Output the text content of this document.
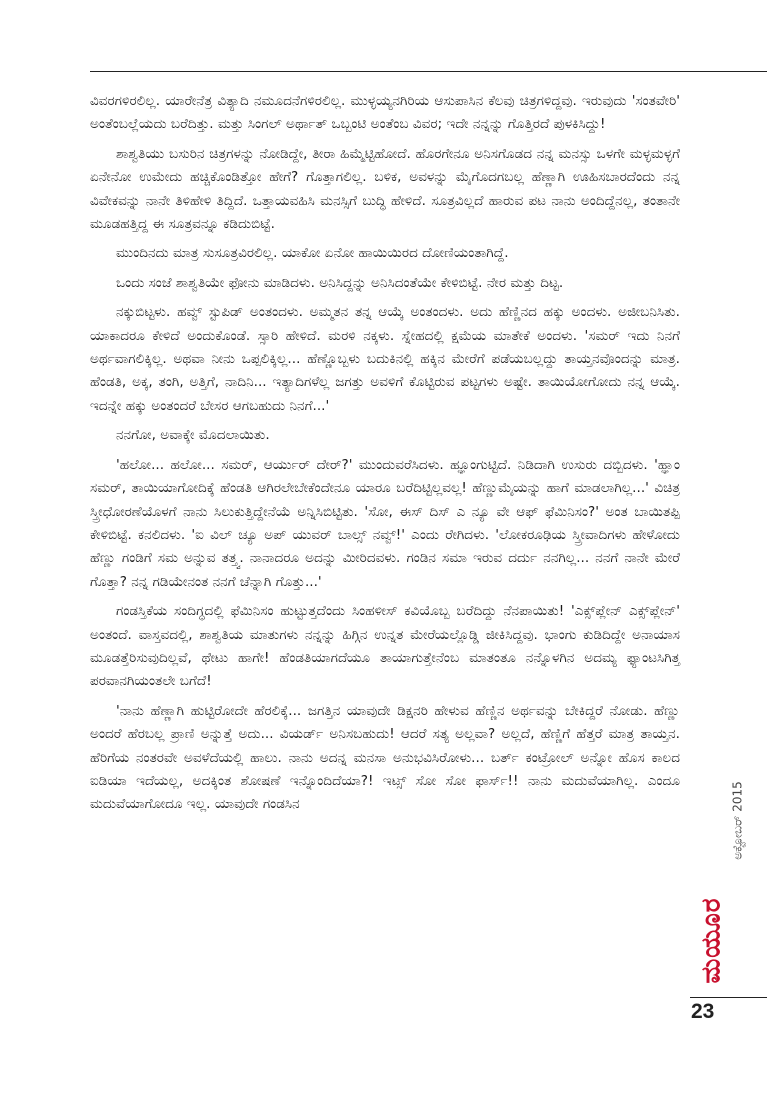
ವಿವರಗಳಿರಲಿಲ್ಲ. ಯಾರೇನೆತ್ರ ವಿತ್ಯಾದಿ ನಮೂದನೆಗಳಿರಲಿಲ್ಲ. ಮುಳ್ಳಯ್ಯನಗಿರಿಯ ಆಸುಪಾಸಿನ ಕೆಲವು ಚಿತ್ರಗಳಿದ್ದವು. ಇರುವುದು 'ಸಂತವೇರಿ' ಅಂತೆಂಬಲ್ಲೆಯದು ಬರೆದಿತ್ತು. ಮತ್ತು ಸಿಂಗಲ್ ಅರ್ಥಾತ್ ಒಬ್ಬಂಟಿ ಅಂತೆಂಬ ವಿವರ; ಇದೇ ನನ್ನನ್ನು ಗೊತ್ತಿರದೆ ಪುಳಕಿಸಿದ್ದು!

ಶಾಶ್ವತಿಯು ಬಸುರಿನ ಚಿತ್ರಗಳನ್ನು ನೋಡಿದ್ದೇ, ತೀರಾ ಹಿಮ್ಮೆಟ್ಟಿಹೋದೆ. ಹೊರಗೇನೂ ಅನಿಸಗೊಡದ ನನ್ನ ಮನಸ್ಸು ಒಳಗೇ ಮಳ್ಳಮಳ್ಳಗೆ ಏನೇನೋ ಉಮೇದು ಹಚ್ಚಿಕೊಂಡಿತ್ತೋ ಹೇಗೆ? ಗೊತ್ತಾಗಲಿಲ್ಲ. ಬಳಿಕ, ಅವಳನ್ನು ಮೈಗೊದಗಬಲ್ಲ ಹೆಣ್ಣಾಗಿ ಊಹಿಸಬಾರದೆಂದು ನನ್ನ ವಿವೇಕವನ್ನು ನಾನೇ ತಿಳಿಹೇಳಿ ತಿದ್ದಿದೆ. ಒತ್ತಾಯವಹಿಸಿ ಮನಸ್ಸಿಗೆ ಬುದ್ಧಿ ಹೇಳಿದೆ. ಸೂತ್ರವಿಲ್ಲದೆ ಹಾರುವ ಪಟ ನಾನು ಅಂದಿದ್ದೆನಲ್ಲ, ತಂತಾನೇ ಮೂಡಹತ್ತಿದ್ದ ಈ ಸೂತ್ರವನ್ನೂ ಕಡಿದುಬಿಟ್ಟೆ.

ಮುಂದಿನದು ಮಾತ್ರ ಸುಸೂತ್ರವಿರಲಿಲ್ಲ. ಯಾಕೋ ಏನೋ ಹಾಯಿಯಿರದ ದೋಣಿಯಂತಾಗಿದ್ದೆ.

ಒಂದು ಸಂಜೆ ಶಾಶ್ವತಿಯೇ ಫೋನು ಮಾಡಿದಳು. ಅನಿಸಿದ್ದನ್ನು ಅನಿಸಿದಂತೆಯೇ ಕೇಳಿಬಿಟ್ಟೆ. ನೇರ ಮತ್ತು ದಿಟ್ಟ.

ನಕ್ಕುಬಿಟ್ಟಳು. ಹವ್ವ್ ಸ್ಟುಪಿಡ್ ಅಂತಂದಳು. ಅಮ್ಮತನ ತನ್ನ ಆಯ್ಕೆ ಅಂತಂದಳು. ಅದು ಹೆಣ್ಣಿನದ ಹಕ್ಕು ಅಂದಳು. ಅಜೀಬನಿಸಿತು. ಯಾಕಾದರೂ ಕೇಳಿದೆ ಅಂದುಕೊಂಡೆ. ಸ್ಸಾರಿ ಹೇಳಿದೆ. ಮರಳಿ ನಕ್ಕಳು. ಸ್ನೇಹದಲ್ಲಿ ಕ್ಷಮೆಯ ಮಾತೇಕೆ ಅಂದಳು. 'ಸಮರ್ ಇದು ನಿನಗೆ ಅರ್ಥವಾಗಲಿಕ್ಕಿಲ್ಲ. ಅಥವಾ ನೀನು ಒಪ್ಪಲಿಕ್ಕಿಲ್ಲ... ಹೆಣ್ಣೊಬ್ಬಳು ಬದುಕಿನಲ್ಲಿ ಹಕ್ಕಿನ ಮೇರೆಗೆ ಪಡೆಯಬಲ್ಲದ್ದು ತಾಯ್ತನವೊಂದನ್ನು ಮಾತ್ರ. ಹೆಂಡತಿ, ಅಕ್ಕ, ತಂಗಿ, ಅತ್ತಿಗೆ, ನಾದಿನಿ... ಇತ್ಯಾದಿಗಳೆಲ್ಲ ಜಗತ್ತು ಅವಳಿಗೆ ಕೊಟ್ಟಿರುವ ಪಟ್ಟಗಳು ಅಷ್ಟೇ. ತಾಯಿಯೋಗೋದು ನನ್ನ ಆಯ್ಕೆ. ಇದನ್ನೇ ಹಕ್ಕು ಅಂತಂದರೆ ಬೇಸರ ಆಗಬಹುದು ನಿನಗೆ...'

ನನಗೋ, ಅವಾಕ್ಕೇ ಮೊದಲಾಯಿತು.

'ಹಲೋ... ಹಲೋ... ಸಮರ್, ಆರ್ಯುರ್ ದೇರ್?' ಮುಂದುವರೆಸಿದಳು. ಹ್ಞೂಂಗುಟ್ಟಿದೆ. ನಿಡಿದಾಗಿ ಉಸುರು ದಬ್ಬಿದಳು. 'ಹ್ಞಾಂ ಸಮರ್, ತಾಯಿಯಾಗೋದಿಕ್ಕೆ ಹೆಂಡತಿ ಆಗಿರಲೇಬೇಕೆಂದೇನೂ ಯಾರೂ ಬರೆದಿಟ್ಟಿಲ್ಲವಲ್ಲ! ಹೆಣ್ಣುಮೈಯನ್ನು ಹಾಗೆ ಮಾಡಲಾಗಿಲ್ಲ...' ವಿಚಿತ್ರ ಸ್ತ್ರೀಧೋರಣೆಯೊಳಗೆ ನಾನು ಸಿಲುಕುತ್ತಿದ್ದೇನೆಯೆ ಅನ್ನಿಸಿಬಿಟ್ಟಿತು. 'ಸೋ, ಈಸ್ ದಿಸ್ ಎ ನ್ಯೂ ವೇ ಆಫ್ ಫೆಮಿನಿಸಂ?' ಅಂತ ಬಾಯಿತಪ್ಪಿ ಕೇಳಿಬಿಟ್ಟೆ. ಕನಲಿದಳು. 'ಐ ವಿಲ್ ಚ್ಯೂ ಅಪ್ ಯುವರ್ ಬಾಲ್ಸ್ ನವ್ವ್!' ಎಂದು ರೇಗಿದಳು. 'ಲೋಕರೂಢಿಯ ಸ್ತ್ರೀವಾದಿಗಳು ಹೇಳೋದು ಹೆಣ್ಣು ಗಂಡಿಗೆ ಸಮ ಅನ್ನುವ ತತ್ತ್ವ. ನಾನಾದರೂ ಅದನ್ನು ಮೀರಿದವಳು. ಗಂಡಿನ ಸಮಾ ಇರುವ ದರ್ದು ನನಗಿಲ್ಲ... ನನಗೆ ನಾನೇ ಮೇರೆ ಗೊತ್ತಾ? ನನ್ನ ಗಡಿಯೇನಂತ ನನಗೆ ಚೆನ್ನಾಗಿ ಗೊತ್ತು...'

ಗಂಡಸ್ತಿಕೆಯ ಸಂದಿಗ್ಧದಲ್ಲಿ ಫೆಮಿನಿಸಂ ಹುಟ್ಟುತ್ತದೆಂದು ಸಿಂಹಳೀಸ್ ಕವಿಯೊಬ್ಬ ಬರೆದಿದ್ದು ನೆನಪಾಯಿತು! 'ಎಕ್ಸ್‌ಪ್ಲೇನ್ ಎಕ್ಸ್‌ಪ್ಲೇನ್' ಅಂತಂದೆ. ವಾಸ್ತವದಲ್ಲಿ, ಶಾಶ್ವತಿಯ ಮಾತುಗಳು ನನ್ನನ್ನು ಹಿಗ್ಗಿನ ಉನ್ನತ ಮೇರೆಯಲ್ಲೊಡ್ಡಿ ಜೀಕಿಸಿದ್ದವು. ಭಾಂಗು ಕುಡಿದಿದ್ದೇ ಅನಾಯಾಸ ಮೂಡತ್ತೆರಿಸುವುದಿಲ್ಲವೆ, ಥೇಟು ಹಾಗೇ! ಹೆಂಡತಿಯಾಗದೆಯೂ ತಾಯಾಗುತ್ತೇನೆಂಬ ಮಾತಂತೂ ನನ್ನೊಳಗಿನ ಅದಮ್ಯ ಫ್ಯಾಂಟಸಿಗಿತ್ತ ಪರವಾನಗಿಯಂತಲೇ ಬಗೆದೆ!

'ನಾನು ಹೆಣ್ಣಾಗಿ ಹುಟ್ಟಿರೋದೇ ಹೆರಲಿಕ್ಕೆ... ಜಗತ್ತಿನ ಯಾವುದೇ ಡಿಕ್ಷನರಿ ಹೇಳುವ ಹೆಣ್ಣಿನ ಅರ್ಥವನ್ನು ಬೇಕಿದ್ದರೆ ನೋಡು. ಹೆಣ್ಣು ಅಂದರೆ ಹೆರಬಲ್ಲ ಪ್ರಾಣಿ ಅನ್ನುತ್ತೆ ಅದು... ವಿಯರ್ಡ್ ಅನಿಸಬಹುದು! ಆದರೆ ಸತ್ಯ ಅಲ್ಲವಾ? ಅಲ್ಲದೆ, ಹೆಣ್ಣಿಗೆ ಹೆತ್ತರೆ ಮಾತ್ರ ತಾಯ್ತನ. ಹೆರಿಗೆಯ ನಂತರವೇ ಅವಳೆದೆಯಲ್ಲಿ ಹಾಲು. ನಾನು ಅದನ್ನ ಮನಸಾ ಅನುಭವಿಸಿರೋಳು... ಬರ್ತ್ ಕಂಟ್ರೋಲ್ ಅನ್ನೋ ಹೊಸ ಕಾಲದ ಐಡಿಯಾ ಇದೆಯಲ್ಲ, ಅದಕ್ಕಿಂತ ಶೋಷಣೆ ಇನ್ನೊಂದಿದೆಯಾ?! ಇಟ್ಸ್ ಸೋ ಸೋ ಫಾರ್ಸ್!! ನಾನು ಮದುವೆಯಾಗಿಲ್ಲ. ಎಂದೂ ಮದುವೆಯಾಗೋದೂ ಇಲ್ಲ. ಯಾವುದೇ ಗಂಡಸಿನ	ಅಕ್ಟೋಬರ್ 2015
ಮಯೂರ
23
